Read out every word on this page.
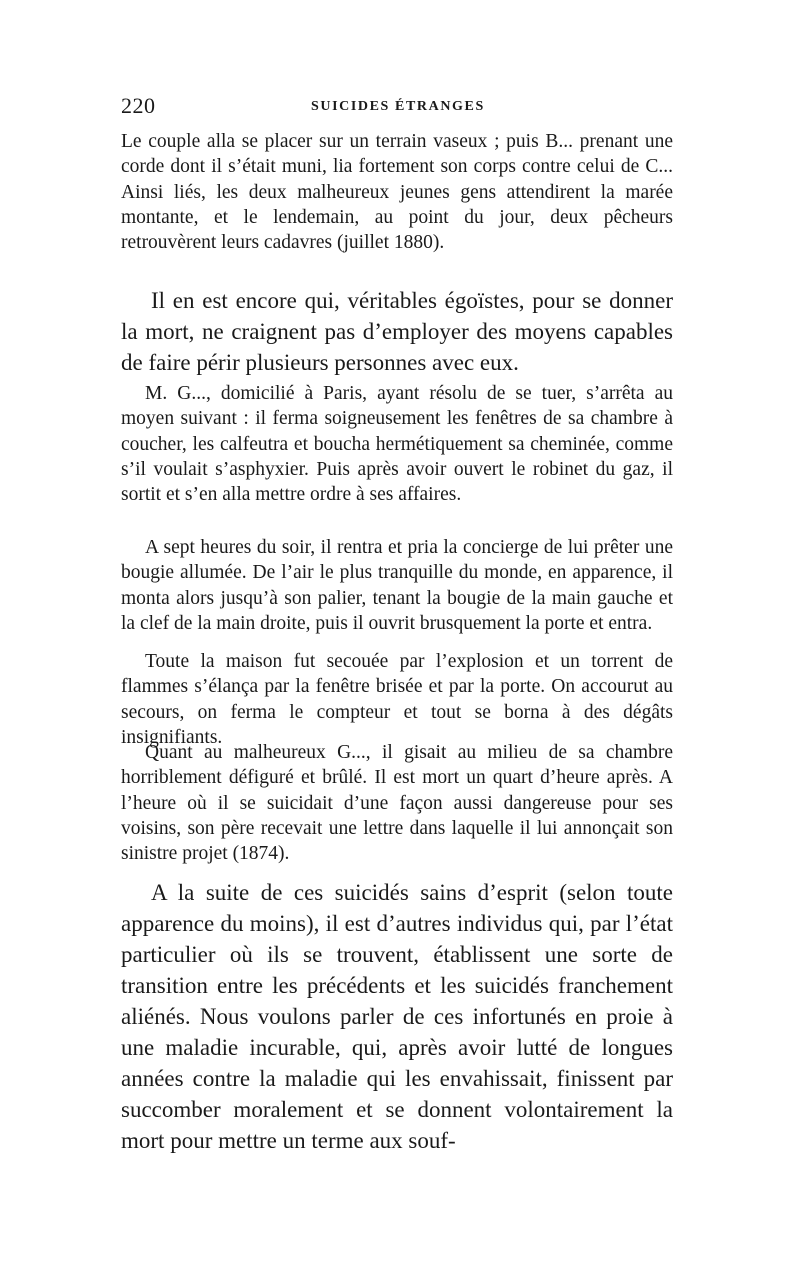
220	SUICIDES ÉTRANGES

Le couple alla se placer sur un terrain vaseux ; puis B... prenant une corde dont il s’était muni, lia fortement son corps contre celui de C... Ainsi liés, les deux malheureux jeunes gens attendirent la marée montante, et le lendemain, au point du jour, deux pêcheurs retrouvèrent leurs cadavres (juillet 1880).

Il en est encore qui, véritables égoïstes, pour se donner la mort, ne craignent pas d’employer des moyens capables de faire périr plusieurs personnes avec eux.

M. G..., domicilié à Paris, ayant résolu de se tuer, s’arrêta au moyen suivant : il ferma soigneusement les fenêtres de sa chambre à coucher, les calfeutra et boucha hermétiquement sa cheminée, comme s’il voulait s’asphyxier. Puis après avoir ouvert le robinet du gaz, il sortit et s’en alla mettre ordre à ses affaires.

A sept heures du soir, il rentra et pria la concierge de lui prêter une bougie allumée. De l’air le plus tranquille du monde, en apparence, il monta alors jusqu’à son palier, tenant la bougie de la main gauche et la clef de la main droite, puis il ouvrit brusquement la porte et entra.

Toute la maison fut secouée par l’explosion et un torrent de flammes s’élança par la fenêtre brisée et par la porte. On accourut au secours, on ferma le compteur et tout se borna à des dégâts insignifiants.

Quant au malheureux G..., il gisait au milieu de sa chambre horriblement défiguré et brûlé. Il est mort un quart d’heure après. A l’heure où il se suicidait d’une façon aussi dangereuse pour ses voisins, son père recevait une lettre dans laquelle il lui annonçait son sinistre projet (1874).

A la suite de ces suicidés sains d’esprit (selon toute apparence du moins), il est d’autres individus qui, par l’état particulier où ils se trouvent, établissent une sorte de transition entre les précédents et les suicidés franchement aliénés. Nous voulons parler de ces infortunés en proie à une maladie incurable, qui, après avoir lutté de longues années contre la maladie qui les envahissait, finissent par succomber moralement et se donnent volontairement la mort pour mettre un terme aux souf-
